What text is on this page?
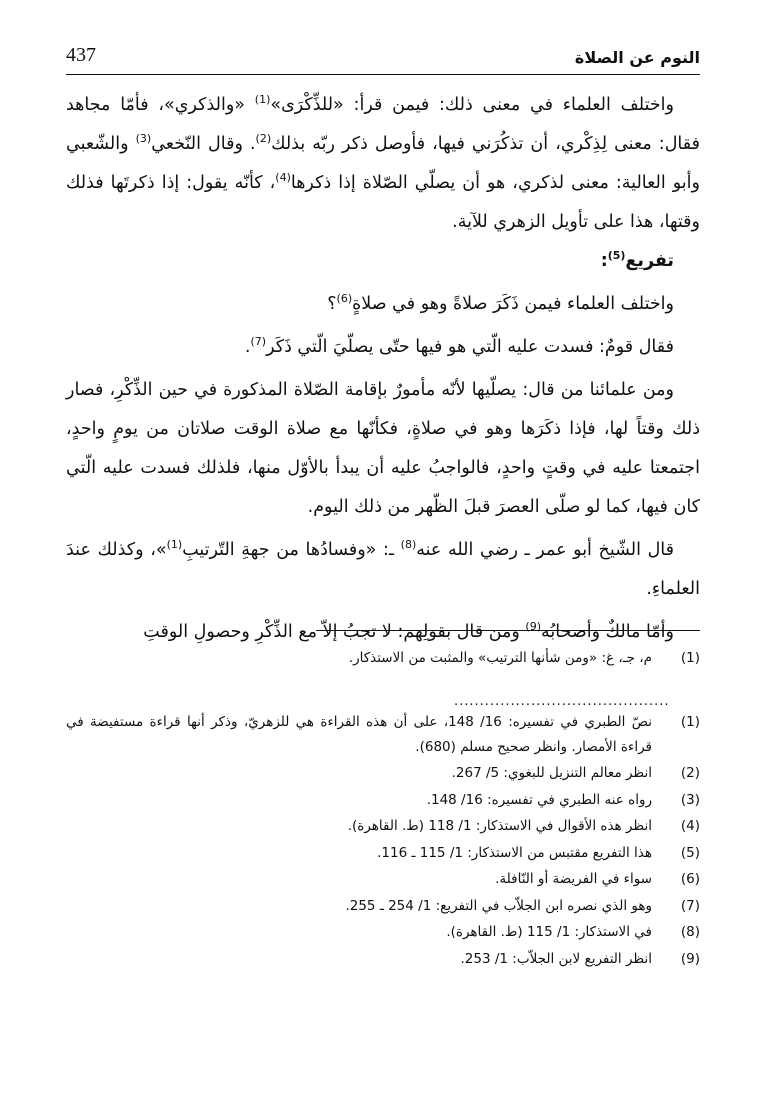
437	النوم عن الصلاة

واختلف العلماء في معنى ذلك: فيمن قرأ: «للذِّكْرَى»$^{(1)}$ «والذكري»، فأمّا مجاهد فقال: معنى لِذِكْري، أن تذكُرَني فيها، فأوصل ذكر ربّه بذلك$^{(2)}$. وقال النّخعي$^{(3)}$ والشّعبي وأبو العالية: معنى لذكري، هو أن يصلّي الصّلاة إذا ذكرها$^{(4)}$، كأنّه يقول: إذا ذكرتَها فذلك وقتها، هذا على تأويل الزهري للآية.

تفريع$^{(5)}$:

واختلف العلماء فيمن ذَكَرَ صلاةً وهو في صلاةٍ$^{(6)}$؟

فقال قومٌ: فسدت عليه الّتي هو فيها حتّى يصلّيَ الّتي ذَكَر$^{(7)}$.

ومن علمائنا من قال: يصلّيها لأنّه مأمورٌ بإقامة الصّلاة المذكورة في حين الذِّكْرِ، فصار ذلك وقتاً لها، فإذا ذكَرَها وهو في صلاةٍ، فكأنّها مع صلاة الوقت صلاتان من يومٍ واحدٍ، اجتمعتا عليه في وقتٍ واحدٍ، فالواجبُ عليه أن يبدأ بالأوّل منها، فلذلك فسدت عليه الّتي كان فيها، كما لو صلّى العصرَ قبلَ الظّهر من ذلك اليوم.

قال الشّيخ أبو عمر ـ رضي الله عنه$^{(8)}$ ـ: «وفسادُها من جهةِ التّرتيبِ$^{(1)}$»، وكذلك عندَ العلماءِ.

وأمّا مالكٌ وأصحابُه$^{(9)}$ ومن قال بقولِهم: لا تجبُ إلاّ مع الذِّكْرِ وحصولِ الوقتِ

(1)
م، جـ، غ: «ومن شأنها الترتيب» والمثبت من الاستذكار.
..........................................
(1)
نصّ الطبري في تفسيره: 16/ 148، على أن هذه القراءة هي للزهريّ، وذكر أنها قراءة مستفيضة في قراءة الأمصار. وانظر صحيح مسلم (680).
(2)
انظر معالم التنزيل للبغوي: 5/ 267.
(3)
رواه عنه الطبري في تفسيره: 16/ 148.
(4)
انظر هذه الأقوال في الاستذكار: 1/ 118 (ط. القاهرة).
(5)
هذا التفريع مقتبس من الاستذكار: 1/ 115 ـ 116.
(6)
سواء في الفريضة أو النّافلة.
(7)
وهو الذي نصره ابن الجلاّب في التفريع: 1/ 254 ـ 255.
(8)
في الاستذكار: 1/ 115 (ط. القاهرة).
(9)
انظر التفريع لابن الجلاّب: 1/ 253.
